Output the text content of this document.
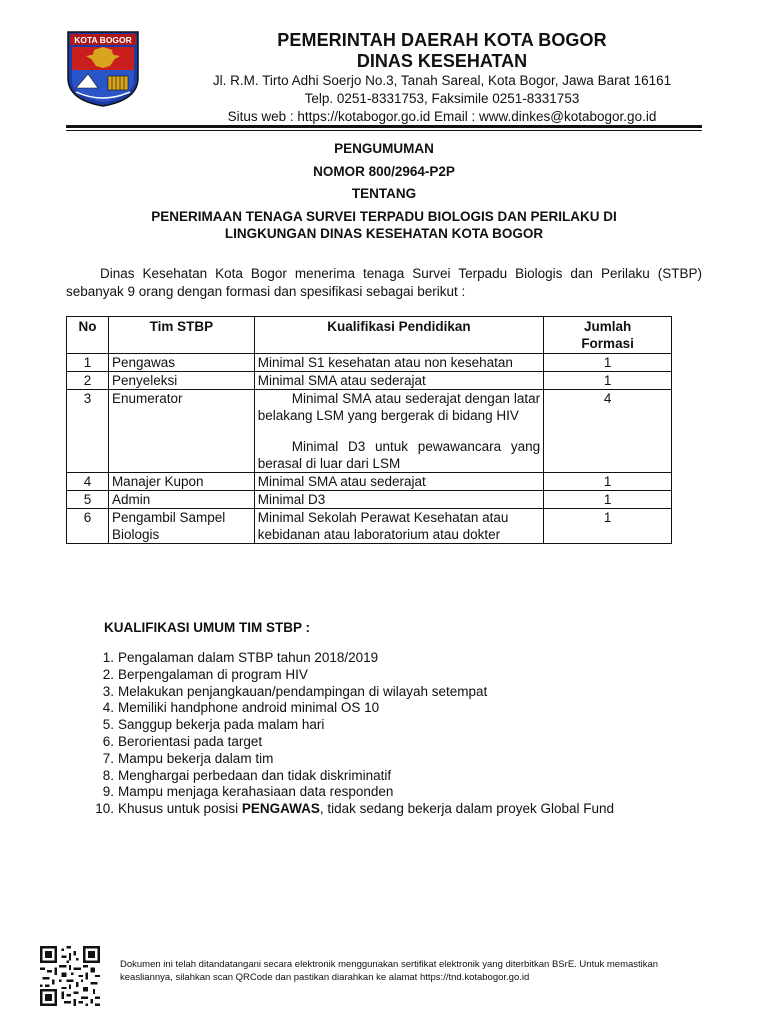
KOTA BOGOR	PEMERINTAH DAERAH KOTA BOGOR
DINAS KESEHATAN
Jl. R.M. Tirto Adhi Soerjo No.3, Tanah Sareal, Kota Bogor, Jawa Barat 16161
Telp. 0251-8331753, Faksimile 0251-8331753
Situs web : https://kotabogor.go.id Email : www.dinkes@kotabogor.go.id
PENGUMUMAN
NOMOR 800/2964-P2P
TENTANG
PENERIMAAN TENAGA SURVEI TERPADU BIOLOGIS DAN PERILAKU DI
LINGKUNGAN DINAS KESEHATAN KOTA BOGOR

Dinas Kesehatan Kota Bogor menerima tenaga Survei Terpadu Biologis dan Perilaku (STBP) sebanyak 9 orang dengan formasi dan spesifikasi sebagai berikut :

No	Tim STBP	Kualifikasi Pendidikan	Jumlah
Formasi

1	Pengawas	Minimal S1 kesehatan atau non kesehatan	1
2	Penyeleksi	Minimal SMA atau sederajat	1
3	Enumerator	Minimal SMA atau sederajat dengan latar belakang LSM yang bergerak di bidang HIV
Minimal D3 untuk pewawancara yang berasal di luar dari LSM	4
4	Manajer Kupon	Minimal SMA atau sederajat	1
5	Admin	Minimal D3	1
6	Pengambil Sampel Biologis	Minimal Sekolah Perawat Kesehatan atau kebidanan atau laboratorium atau dokter	1
KUALIFIKASI UMUM TIM STBP :
1. Pengalaman dalam STBP tahun 2018/2019
2. Berpengalaman di program HIV
3. Melakukan penjangkauan/pendampingan di wilayah setempat
4. Memiliki handphone android minimal OS 10
5. Sanggup bekerja pada malam hari
6. Berorientasi pada target
7. Mampu bekerja dalam tim
8. Menghargai perbedaan dan tidak diskriminatif
9. Mampu menjaga kerahasiaan data responden
10. Khusus untuk posisi PENGAWAS, tidak sedang bekerja dalam proyek Global Fund
Dokumen ini telah ditandatangani secara elektronik menggunakan sertifikat elektronik yang diterbitkan BSrE. Untuk memastikan
keasliannya, silahkan scan QRCode dan pastikan diarahkan ke alamat https://tnd.kotabogor.go.id
